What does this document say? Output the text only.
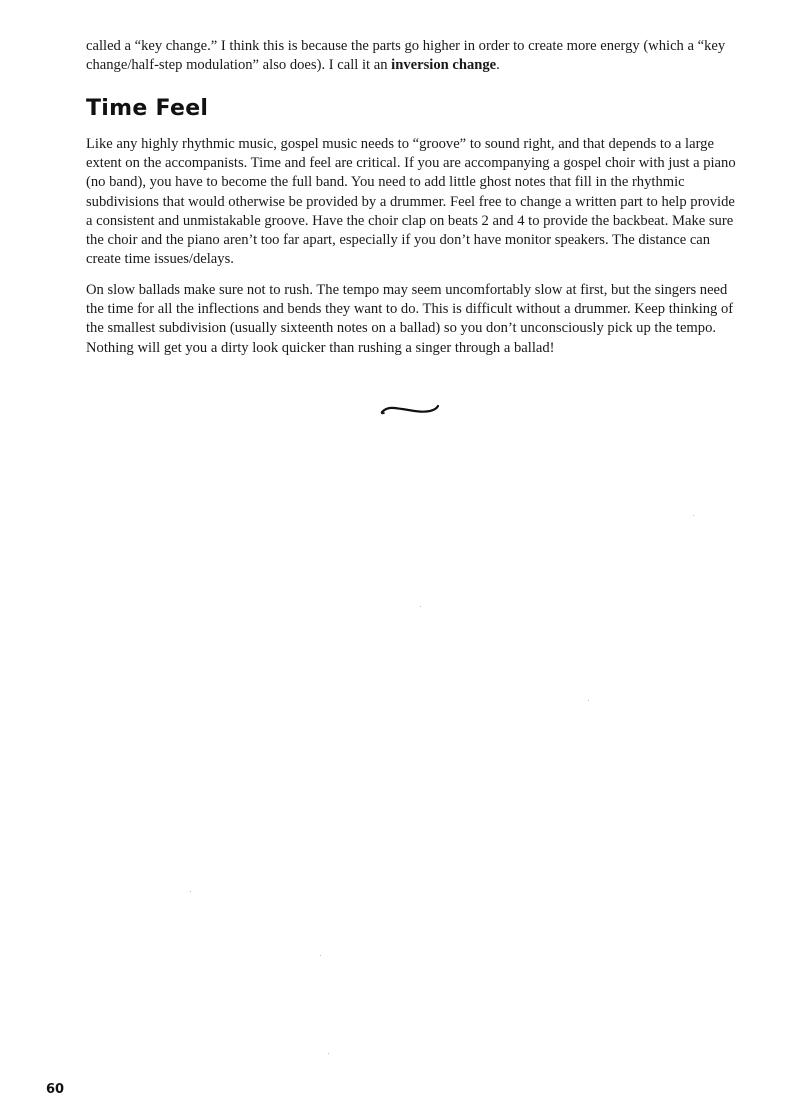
called a “key change.” I think this is because the parts go higher in order to create more energy (which a “key change/half-step modulation” also does). I call it an inversion change.

Time Feel

Like any highly rhythmic music, gospel music needs to “groove” to sound right, and that depends to a large extent on the accompanists. Time and feel are critical. If you are accompanying a gospel choir with just a piano (no band), you have to become the full band. You need to add little ghost notes that fill in the rhythmic subdivisions that would otherwise be provided by a drummer. Feel free to change a written part to help provide a consistent and unmistakable groove. Have the choir clap on beats 2 and 4 to provide the backbeat. Make sure the choir and the piano aren’t too far apart, especially if you don’t have monitor speakers. The distance can create time issues/delays.

On slow ballads make sure not to rush. The tempo may seem uncomfortably slow at first, but the singers need the time for all the inflections and bends they want to do. This is difficult without a drummer. Keep thinking of the smallest subdivision (usually sixteenth notes on a ballad) so you don’t unconsciously pick up the tempo. Nothing will get you a dirty look quicker than rushing a singer through a ballad!

60
